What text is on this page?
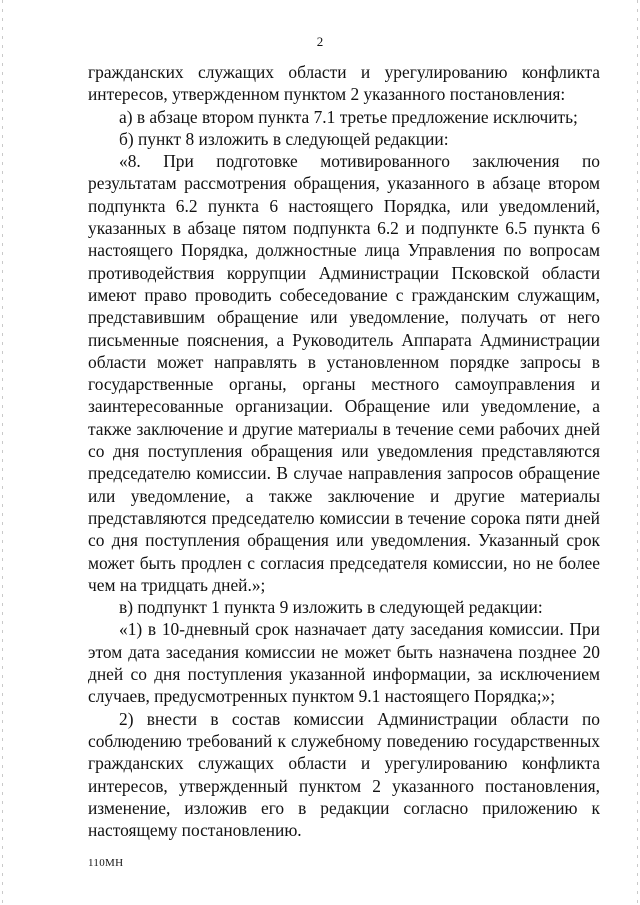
2

гражданских служащих области и урегулированию конфликта интересов, утвержденном пунктом 2 указанного постановления:

а) в абзаце втором пункта 7.1 третье предложение исключить;

б) пункт 8 изложить в следующей редакции:

«8. При подготовке мотивированного заключения по результатам рассмотрения обращения, указанного в абзаце втором подпункта 6.2 пункта 6 настоящего Порядка, или уведомлений, указанных в абзаце пятом подпункта 6.2 и подпункте 6.5 пункта 6 настоящего Порядка, должностные лица Управления по вопросам противодействия коррупции Администрации Псковской области имеют право проводить собеседование с гражданским служащим, представившим обращение или уведомление, получать от него письменные пояснения, а Руководитель Аппарата Администрации области может направлять в установленном порядке запросы в государственные органы, органы местного самоуправления и заинтересованные организации. Обращение или уведомление, а также заключение и другие материалы в течение семи рабочих дней со дня поступления обращения или уведомления представляются председателю комиссии. В случае направления запросов обращение или уведомление, а также заключение и другие материалы представляются председателю комиссии в течение сорока пяти дней со дня поступления обращения или уведомления. Указанный срок может быть продлен с согласия председателя комиссии, но не более чем на тридцать дней.»;

в) подпункт 1 пункта 9 изложить в следующей редакции:

«1) в 10-дневный срок назначает дату заседания комиссии. При этом дата заседания комиссии не может быть назначена позднее 20 дней со дня поступления указанной информации, за исключением случаев, предусмотренных пунктом 9.1 настоящего Порядка;»;

2) внести в состав комиссии Администрации области по соблюдению требований к служебному поведению государственных гражданских служащих области и урегулированию конфликта интересов, утвержденный пунктом 2 указанного постановления, изменение, изложив его в редакции согласно приложению к настоящему постановлению.

110МН
